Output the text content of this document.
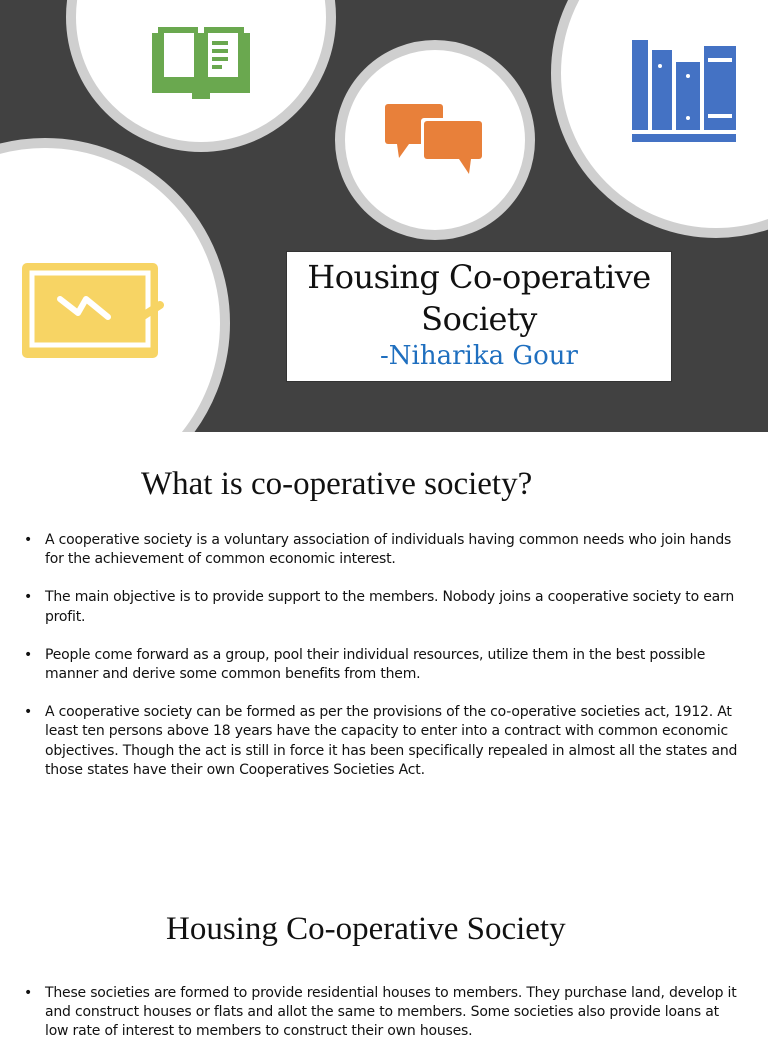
Housing Co-operative
Society
-Niharika Gour
What is co-operative society?
• A cooperative society is a voluntary association of individuals having common needs who join hands for the achievement of common economic interest.
• The main objective is to provide support to the members. Nobody joins a cooperative society to earn profit.
• People come forward as a group, pool their individual resources, utilize them in the best possible manner and derive some common benefits from them.
• A cooperative society can be formed as per the provisions of the co-operative societies act, 1912. At least ten persons above 18 years have the capacity to enter into a contract with common economic objectives. Though the act is still in force it has been specifically repealed in almost all the states and those states have their own Cooperatives Societies Act.
Housing Co-operative Society
• These societies are formed to provide residential houses to members. They purchase land, develop it and construct houses or flats and allot the same to members. Some societies also provide loans at low rate of interest to members to construct their own houses.
